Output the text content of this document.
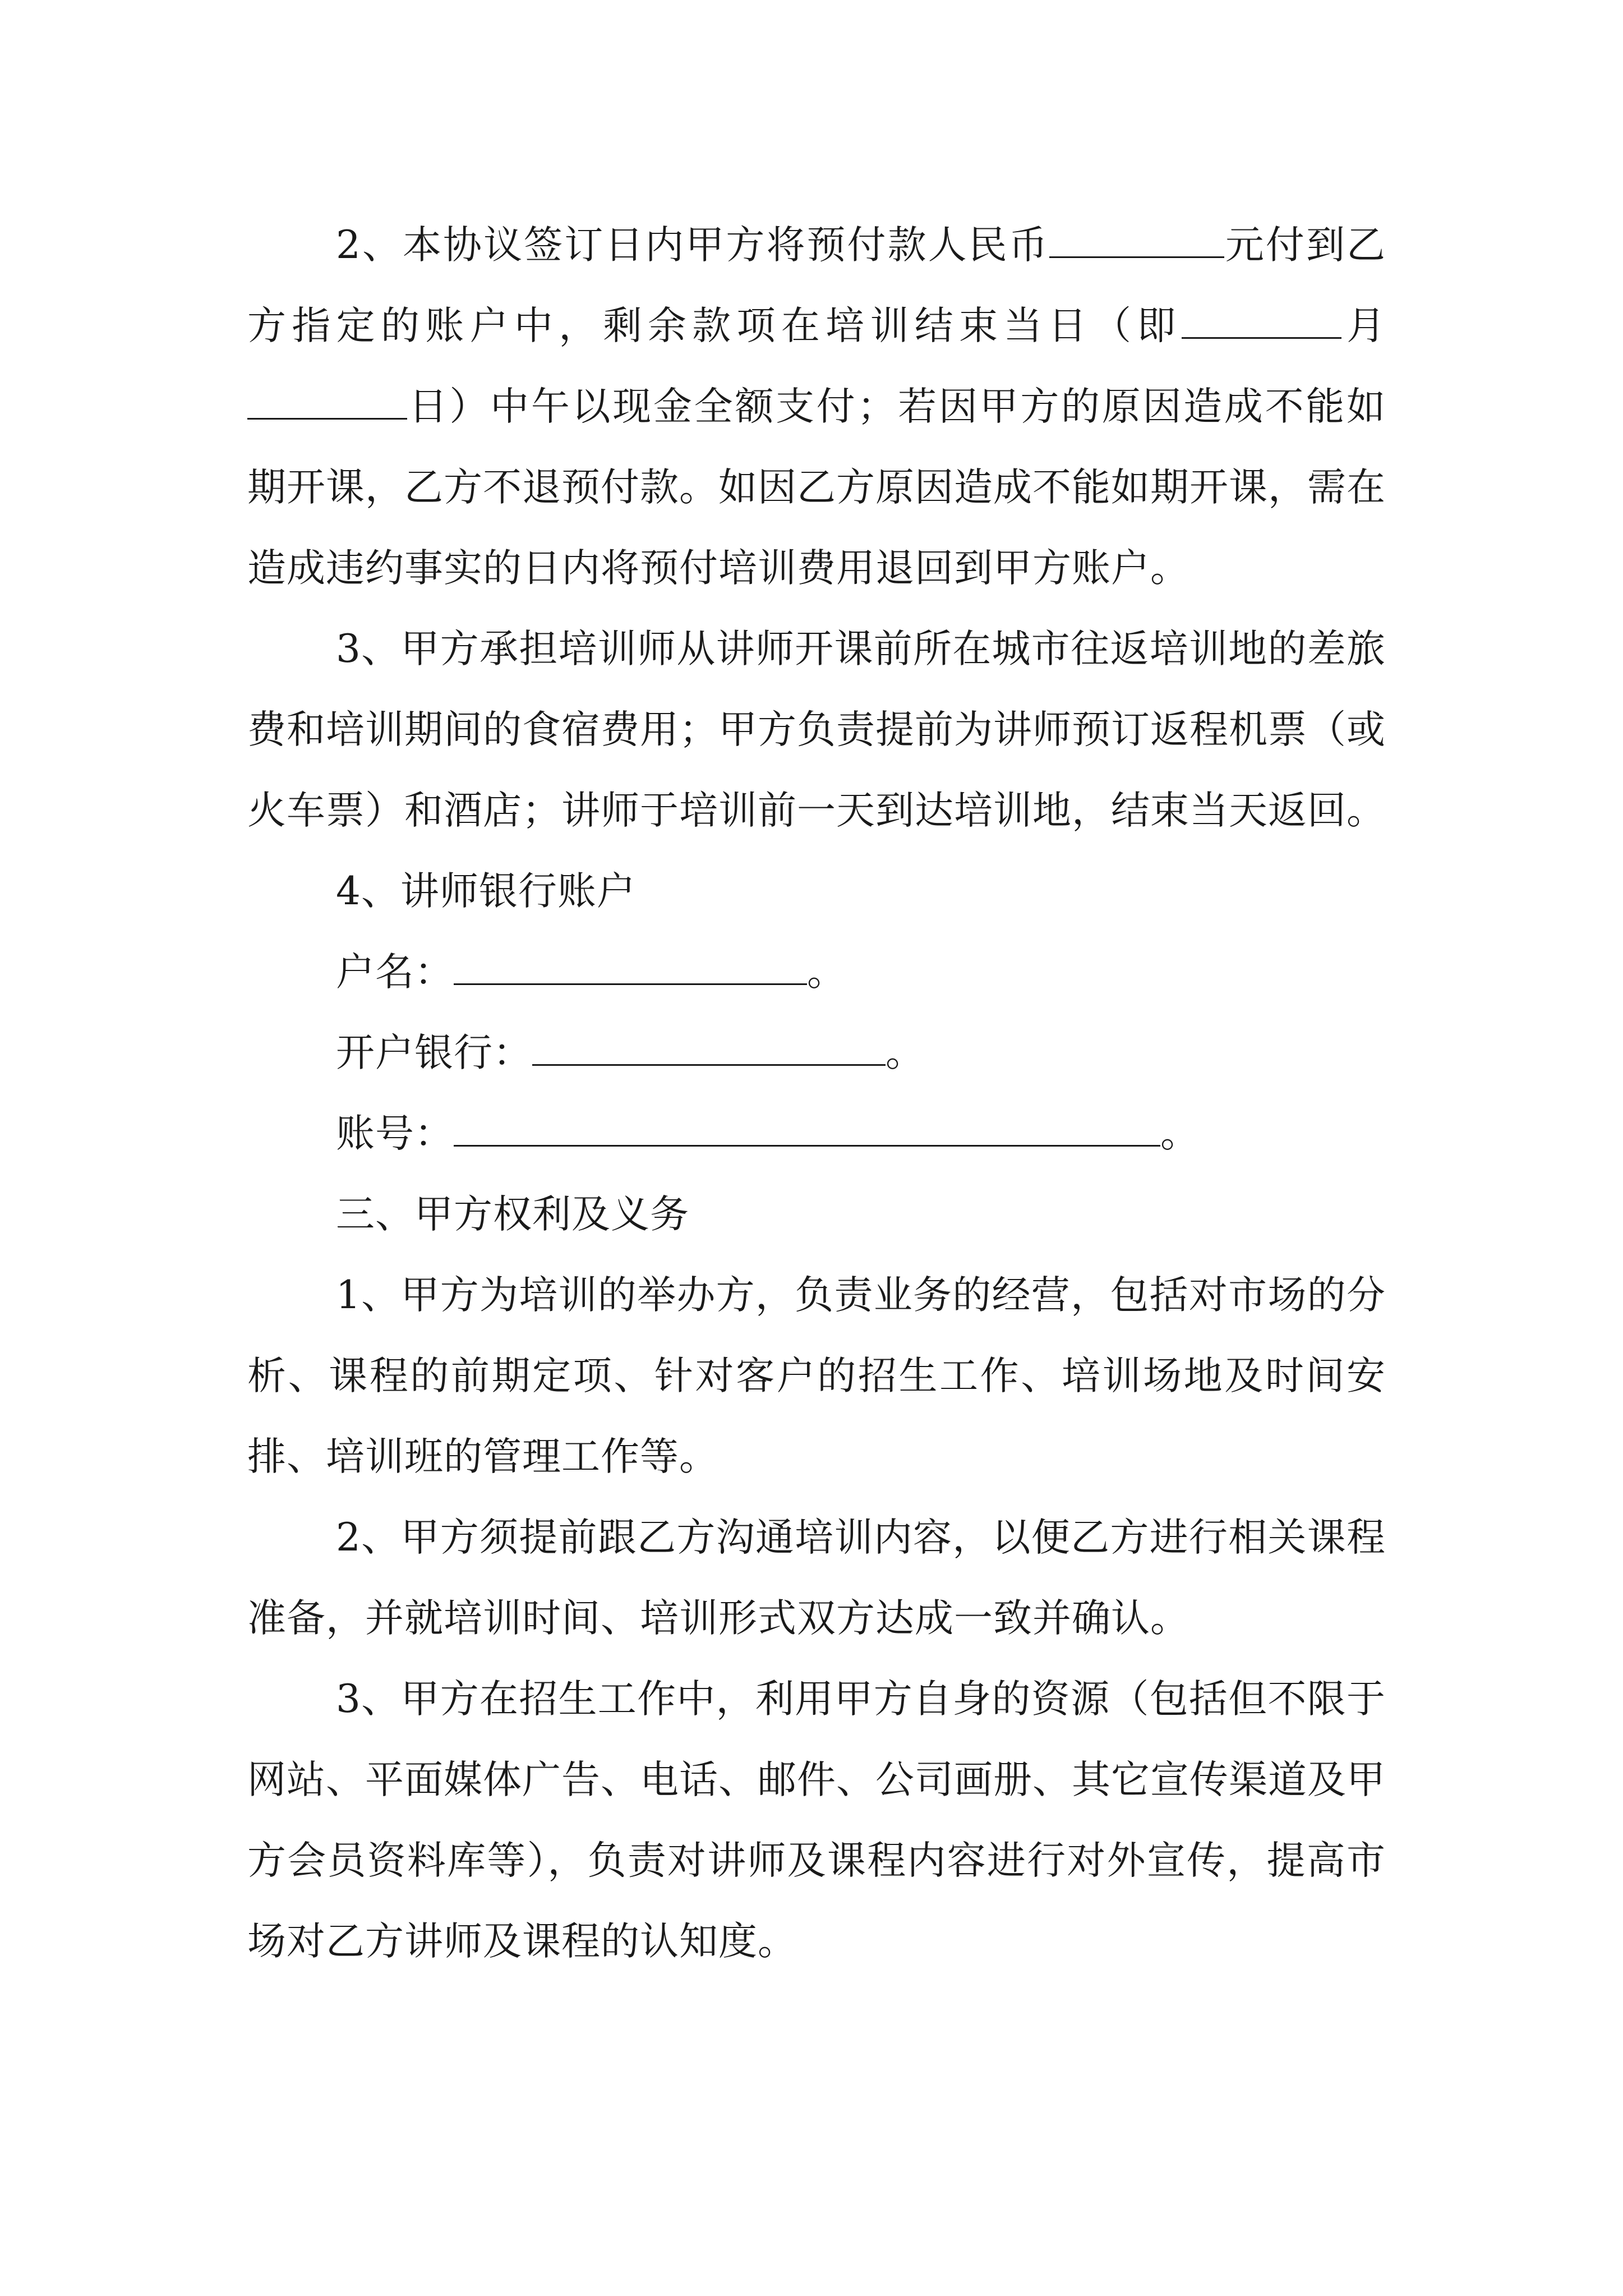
2、本协议签订日内甲方将预付款人民币	元付到乙方指定的账户中，剩余款项在培训结束当日（即	月日）中午以现金全额支付；若因甲方的原因造成不能如期开课，乙方不退预付款。如因乙方原因造成不能如期开课，需在造成违约事实的日内将预付培训费用退回到甲方账户。

3、甲方承担培训师从讲师开课前所在城市往返培训地的差旅费和培训期间的食宿费用；甲方负责提前为讲师预订返程机票（或火车票）和酒店；讲师于培训前一天到达培训地，结束当天返回。

4、讲师银行账户

户名：	。

开户银行：	。

账号：	。

三、甲方权利及义务

1、甲方为培训的举办方，负责业务的经营，包括对市场的分析、课程的前期定项、针对客户的招生工作、培训场地及时间安排、培训班的管理工作等。

2、甲方须提前跟乙方沟通培训内容，以便乙方进行相关课程准备，并就培训时间、培训形式双方达成一致并确认。

3、甲方在招生工作中，利用甲方自身的资源（包括但不限于网站、平面媒体广告、电话、邮件、公司画册、其它宣传渠道及甲方会员资料库等），负责对讲师及课程内容进行对外宣传，提高市场对乙方讲师及课程的认知度。
